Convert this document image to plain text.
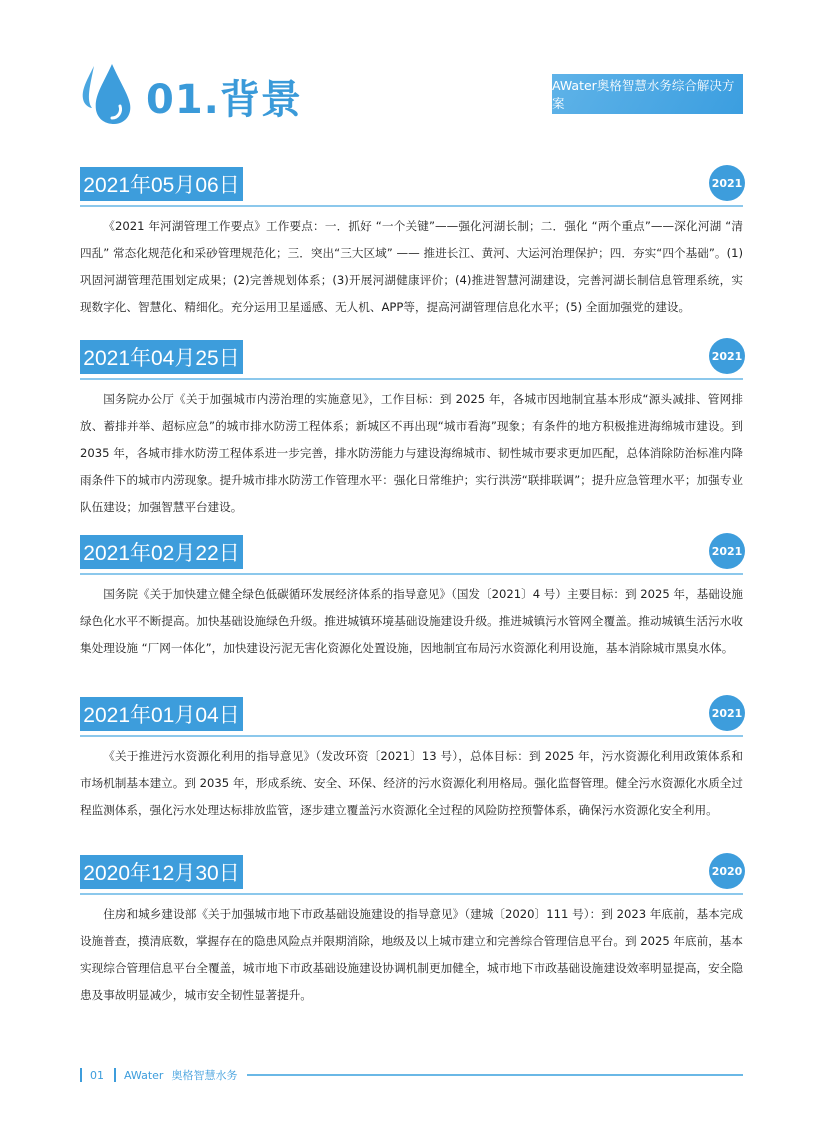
01.背景	AWater奥格智慧水务综合解决方案
2021年05月06日	2021
《2021 年河湖管理工作要点》工作要点：一．抓好 “一个关键”——强化河湖长制；二．强化 “两个重点”——深化河湖 “清四乱” 常态化规范化和采砂管理规范化；三．突出“三大区域” —— 推进长江、黄河、大运河治理保护；四．夯实“四个基础”。(1)巩固河湖管理范围划定成果；(2)完善规划体系；(3)开展河湖健康评价；(4)推进智慧河湖建设，完善河湖长制信息管理系统，实现数字化、智慧化、精细化。充分运用卫星遥感、无人机、APP等，提高河湖管理信息化水平；(5) 全面加强党的建设。
2021年04月25日	2021
国务院办公厅《关于加强城市内涝治理的实施意见》，工作目标：到 2025 年，各城市因地制宜基本形成“源头减排、管网排放、蓄排并举、超标应急”的城市排水防涝工程体系；新城区不再出现“城市看海”现象；有条件的地方积极推进海绵城市建设。到 2035 年，各城市排水防涝工程体系进一步完善，排水防涝能力与建设海绵城市、韧性城市要求更加匹配，总体消除防治标准内降雨条件下的城市内涝现象。提升城市排水防涝工作管理水平：强化日常维护；实行洪涝“联排联调”；提升应急管理水平；加强专业队伍建设；加强智慧平台建设。
2021年02月22日	2021
国务院《关于加快建立健全绿色低碳循环发展经济体系的指导意见》（国发〔2021〕4 号）主要目标：到 2025 年，基础设施绿色化水平不断提高。加快基础设施绿色升级。推进城镇环境基础设施建设升级。推进城镇污水管网全覆盖。推动城镇生活污水收集处理设施 “厂网一体化”，加快建设污泥无害化资源化处置设施，因地制宜布局污水资源化利用设施，基本消除城市黑臭水体。
2021年01月04日	2021
《关于推进污水资源化利用的指导意见》（发改环资〔2021〕13 号），总体目标：到 2025 年，污水资源化利用政策体系和市场机制基本建立。到 2035 年，形成系统、安全、环保、经济的污水资源化利用格局。强化监督管理。健全污水资源化水质全过程监测体系，强化污水处理达标排放监管，逐步建立覆盖污水资源化全过程的风险防控预警体系，确保污水资源化安全利用。
2020年12月30日	2020
住房和城乡建设部《关于加强城市地下市政基础设施建设的指导意见》（建城〔2020〕111 号）：到 2023 年底前，基本完成设施普查，摸清底数，掌握存在的隐患风险点并限期消除，地级及以上城市建立和完善综合管理信息平台。到 2025 年底前，基本实现综合管理信息平台全覆盖，城市地下市政基础设施建设协调机制更加健全，城市地下市政基础设施建设效率明显提高，安全隐患及事故明显减少，城市安全韧性显著提升。
01 AWater 奥格智慧水务
